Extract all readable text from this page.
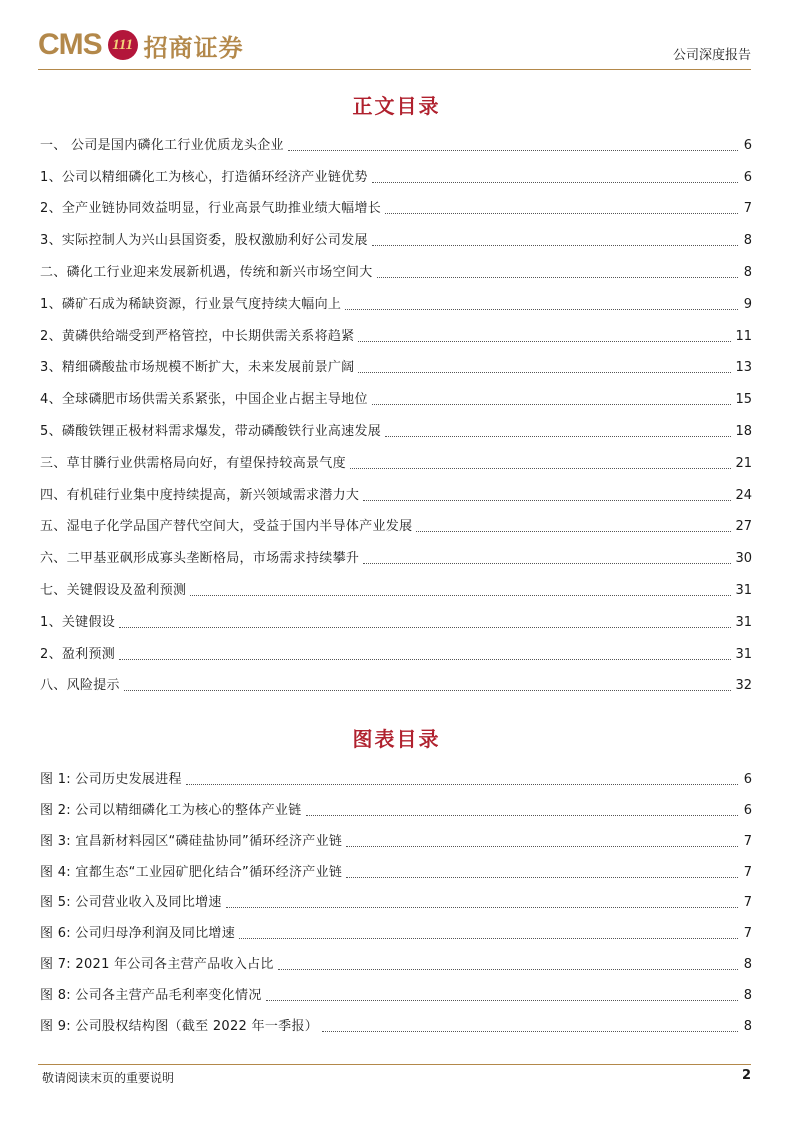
CMS 111 招商证券	公司深度报告
正文目录
一、 公司是国内磷化工行业优质龙头企业	6
1、公司以精细磷化工为核心，打造循环经济产业链优势	6
2、全产业链协同效益明显，行业高景气助推业绩大幅增长	7
3、实际控制人为兴山县国资委，股权激励利好公司发展	8
二、磷化工行业迎来发展新机遇，传统和新兴市场空间大	8
1、磷矿石成为稀缺资源，行业景气度持续大幅向上	9
2、黄磷供给端受到严格管控，中长期供需关系将趋紧	11
3、精细磷酸盐市场规模不断扩大，未来发展前景广阔	13
4、全球磷肥市场供需关系紧张，中国企业占据主导地位	15
5、磷酸铁锂正极材料需求爆发，带动磷酸铁行业高速发展	18
三、草甘膦行业供需格局向好，有望保持较高景气度	21
四、有机硅行业集中度持续提高，新兴领域需求潜力大	24
五、湿电子化学品国产替代空间大，受益于国内半导体产业发展	27
六、二甲基亚砜形成寡头垄断格局，市场需求持续攀升	30
七、关键假设及盈利预测	31
1、关键假设	31
2、盈利预测	31
八、风险提示	32
图表目录
图 1: 公司历史发展进程	6
图 2: 公司以精细磷化工为核心的整体产业链	6
图 3: 宜昌新材料园区“磷硅盐协同”循环经济产业链	7
图 4: 宜都生态“工业园矿肥化结合”循环经济产业链	7
图 5: 公司营业收入及同比增速	7
图 6: 公司归母净利润及同比增速	7
图 7: 2021 年公司各主营产品收入占比	8
图 8: 公司各主营产品毛利率变化情况	8
图 9: 公司股权结构图（截至 2022 年一季报）	8
敬请阅读末页的重要说明	2
